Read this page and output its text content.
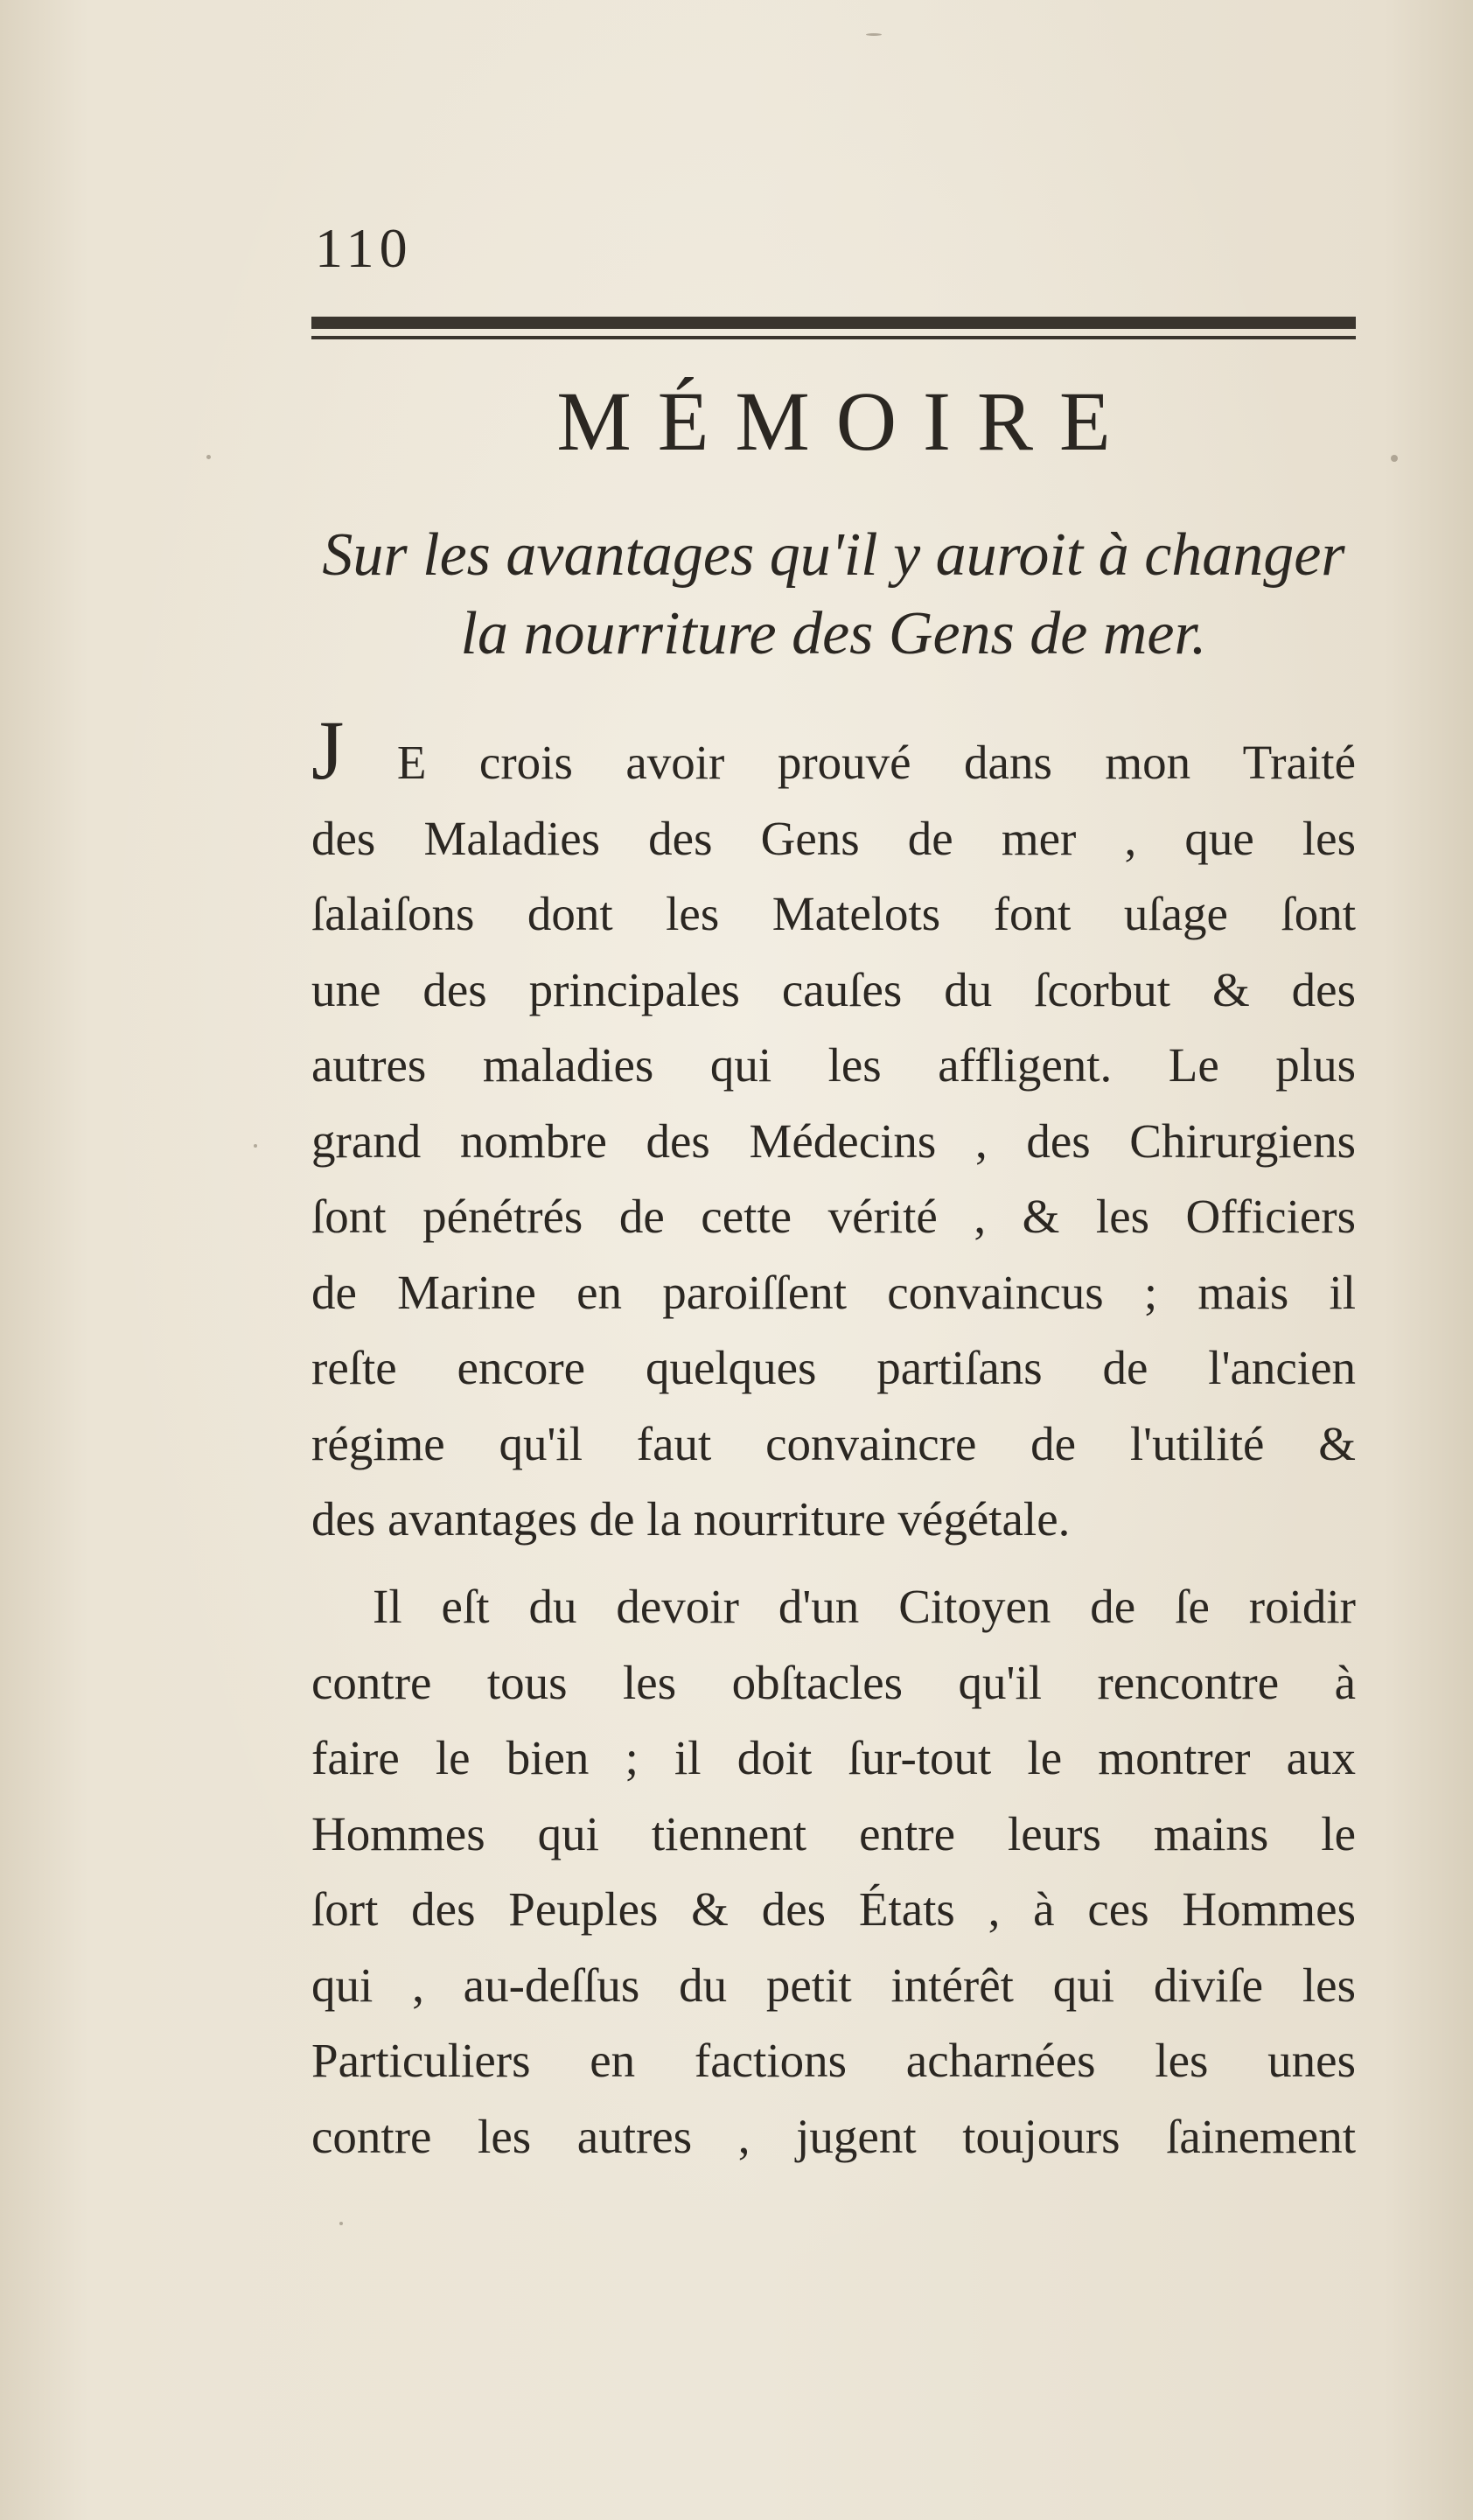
110
MÉMOIRE
Sur les avantages qu'il y auroit à changer
la nourriture des Gens de mer.
J E crois avoir prouvé dans mon Traité
des Maladies des Gens de mer , que les
ſalaiſons dont les Matelots font uſage ſont
une des principales cauſes du ſcorbut & des
autres maladies qui les affligent. Le plus
grand nombre des Médecins , des Chirurgiens
ſont pénétrés de cette vérité , & les Officiers
de Marine en paroiſſent convaincus ; mais il
reſte encore quelques partiſans de l'ancien
régime qu'il faut convaincre de l'utilité &
des avantages de la nourriture végétale.
Il eſt du devoir d'un Citoyen de ſe roidir
contre tous les obſtacles qu'il rencontre à
faire le bien ; il doit ſur-tout le montrer aux
Hommes qui tiennent entre leurs mains le
ſort des Peuples & des États , à ces Hommes
qui , au-deſſus du petit intérêt qui diviſe les
Particuliers en factions acharnées les unes
contre les autres , jugent toujours ſainement
